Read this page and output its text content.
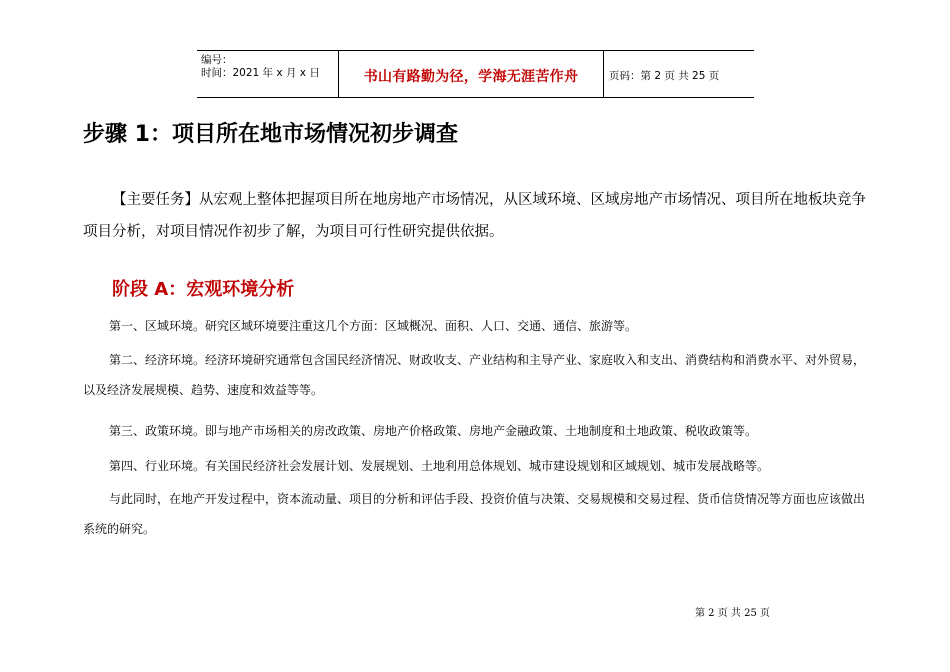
编号：
时间：2021 年 x 月 x 日	书山有路勤为径，学海无涯苦作舟	页码：第 2 页 共 25 页
步骤 1：项目所在地市场情况初步调查

【主要任务】从宏观上整体把握项目所在地房地产市场情况，从区域环境、区域房地产市场情况、项目所在地板块竞争项目分析，对项目情况作初步了解，为项目可行性研究提供依据。

阶段 A：宏观环境分析

第一、区域环境。研究区域环境要注重这几个方面：区域概况、面积、人口、交通、通信、旅游等。

第二、经济环境。经济环境研究通常包含国民经济情况、财政收支、产业结构和主导产业、家庭收入和支出、消费结构和消费水平、对外贸易，以及经济发展规模、趋势、速度和效益等等。

第三、政策环境。即与地产市场相关的房改政策、房地产价格政策、房地产金融政策、土地制度和土地政策、税收政策等。

第四、行业环境。有关国民经济社会发展计划、发展规划、土地利用总体规划、城市建设规划和区域规划、城市发展战略等。

与此同时，在地产开发过程中，资本流动量、项目的分析和评估手段、投资价值与决策、交易规模和交易过程、货币信贷情况等方面也应该做出系统的研究。

第 2 页 共 25 页
